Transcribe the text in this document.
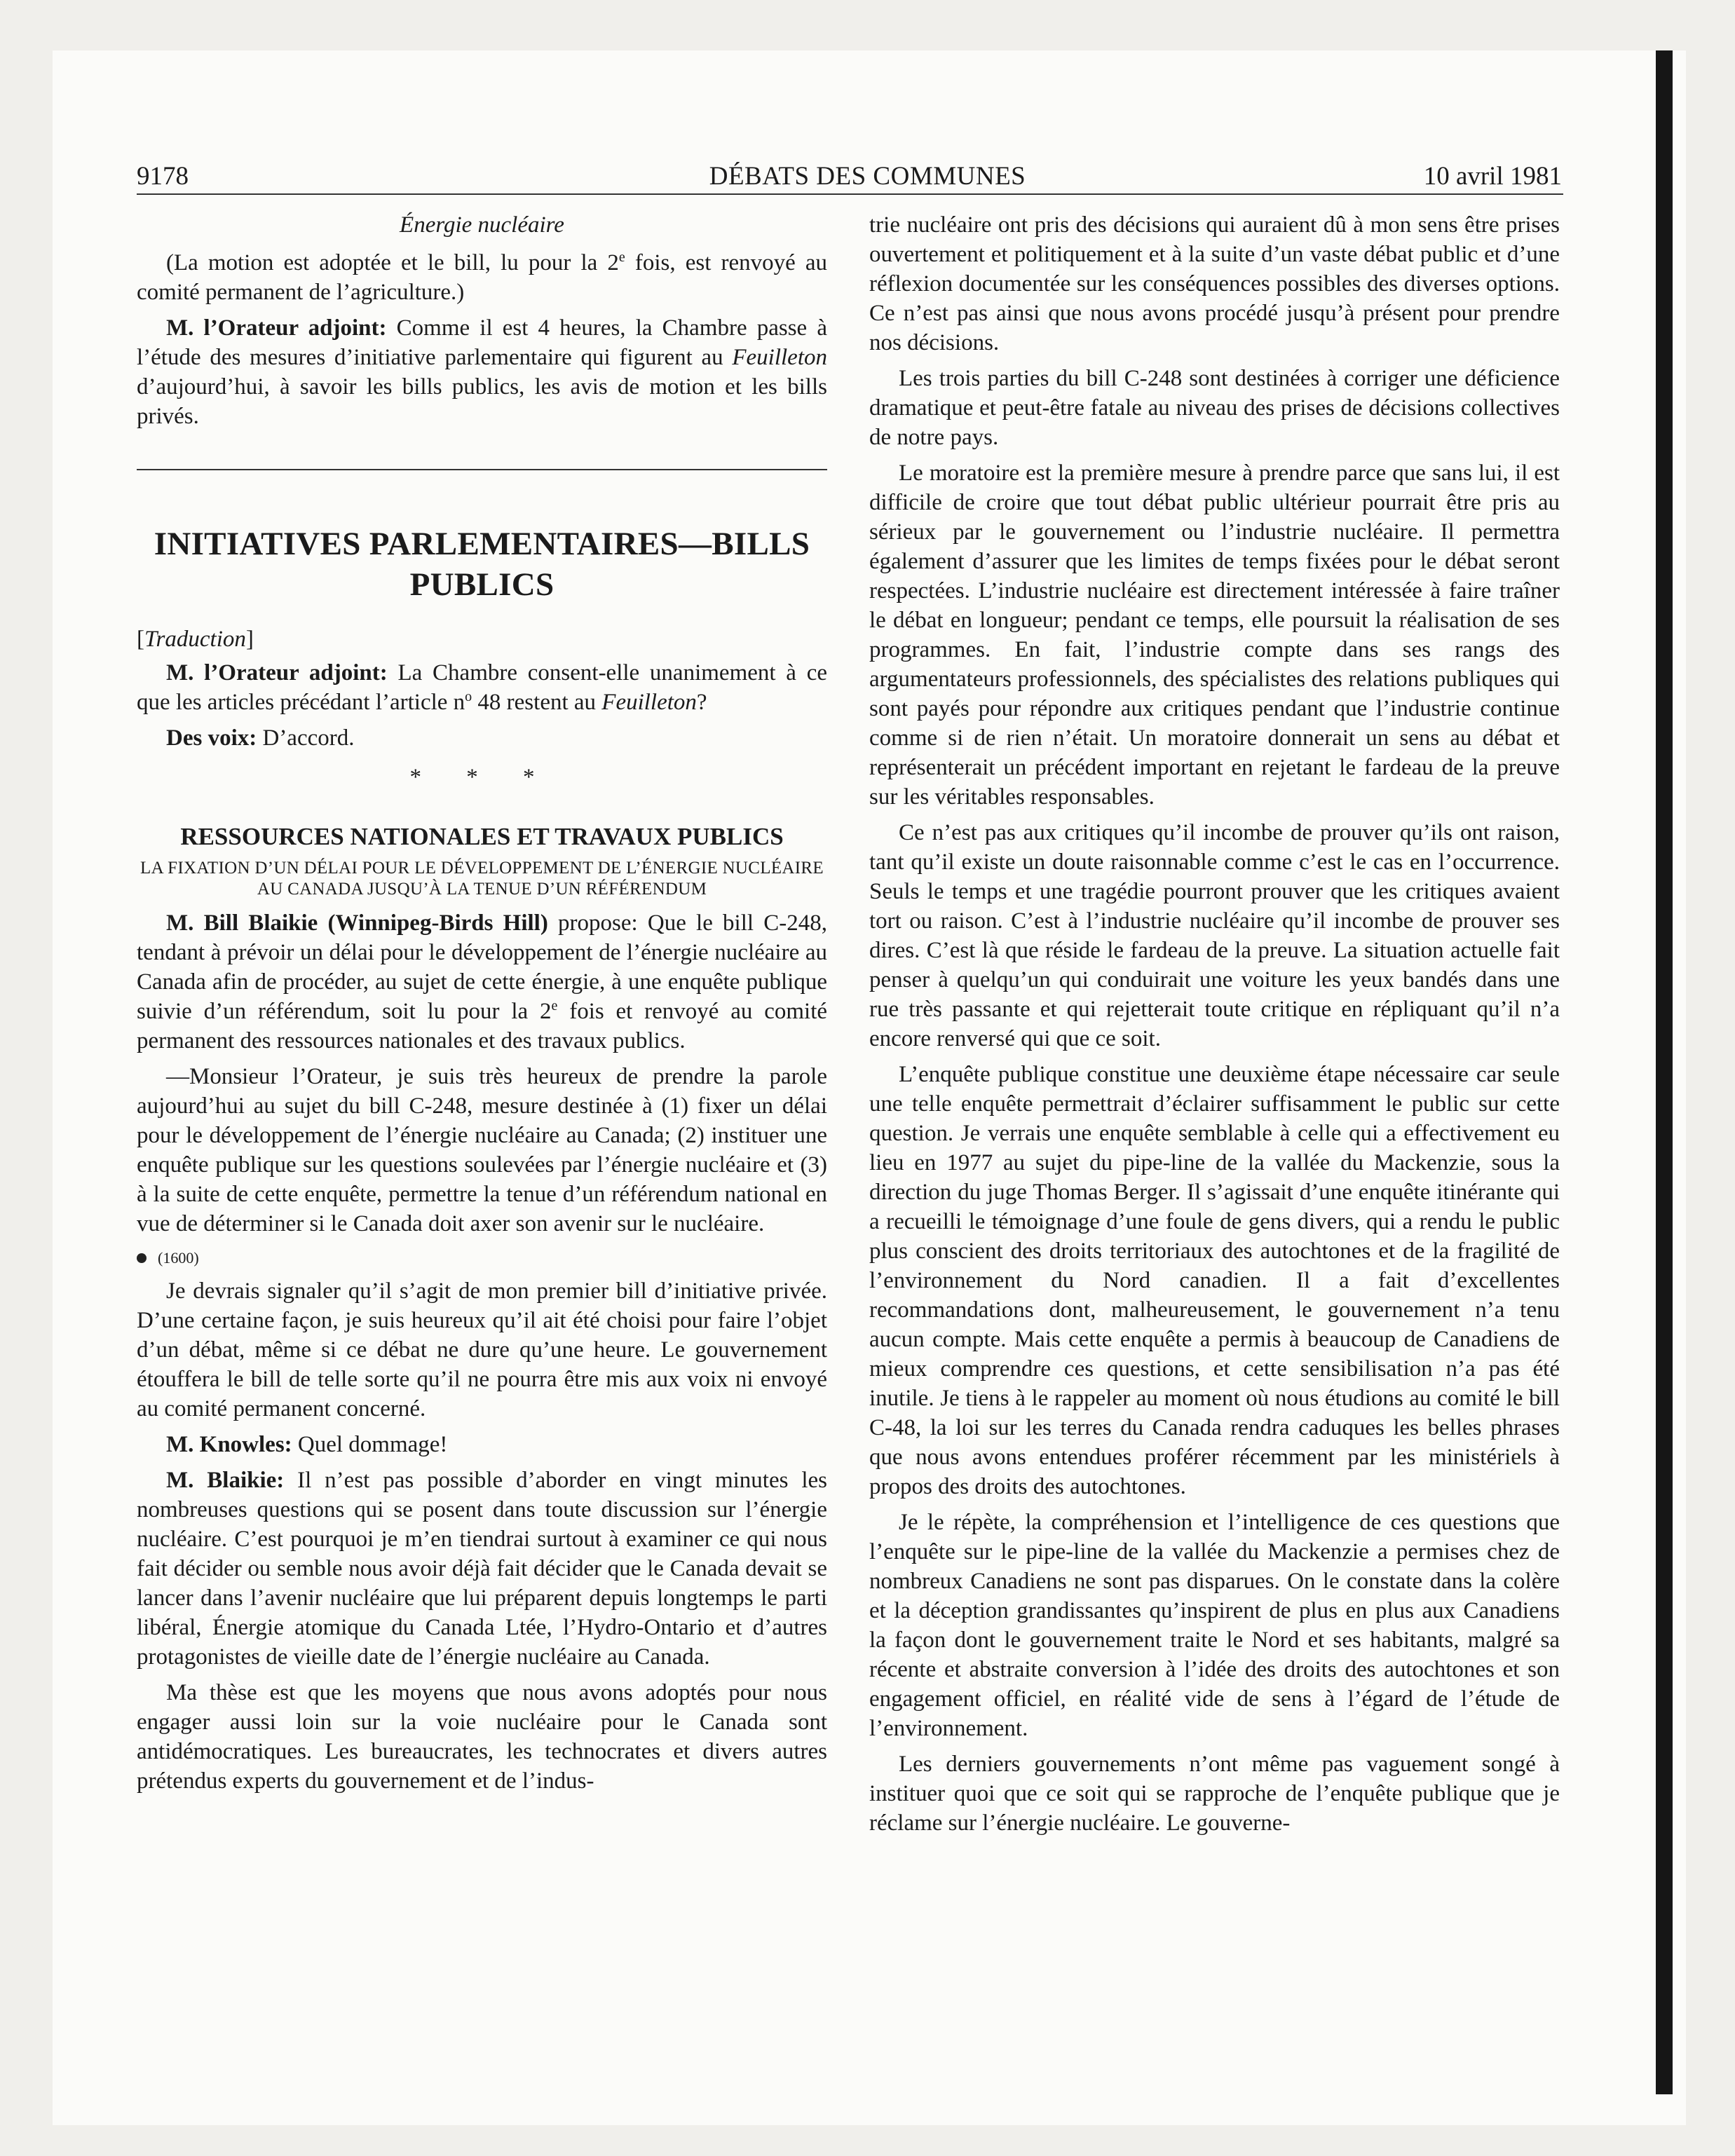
9178	DÉBATS DES COMMUNES	10 avril 1981
Énergie nucléaire

(La motion est adoptée et le bill, lu pour la 2e fois, est renvoyé au comité permanent de l’agriculture.)

M. l’Orateur adjoint: Comme il est 4 heures, la Chambre passe à l’étude des mesures d’initiative parlementaire qui figurent au Feuilleton d’aujourd’hui, à savoir les bills publics, les avis de motion et les bills privés.

INITIATIVES PARLEMENTAIRES—BILLS PUBLICS
[Traduction]

M. l’Orateur adjoint: La Chambre consent-elle unanimement à ce que les articles précédant l’article $n^o$ 48 restent au Feuilleton?

Des voix: D’accord.

* * *
RESSOURCES NATIONALES ET TRAVAUX PUBLICS
LA FIXATION D’UN DÉLAI POUR LE DÉVELOPPEMENT DE L’ÉNERGIE NUCLÉAIRE AU CANADA JUSQU’À LA TENUE D’UN RÉFÉRENDUM

M. Bill Blaikie (Winnipeg-Birds Hill) propose: Que le bill C-248, tendant à prévoir un délai pour le développement de l’énergie nucléaire au Canada afin de procéder, au sujet de cette énergie, à une enquête publique suivie d’un référendum, soit lu pour la 2e fois et renvoyé au comité permanent des ressources nationales et des travaux publics.

—Monsieur l’Orateur, je suis très heureux de prendre la parole aujourd’hui au sujet du bill C-248, mesure destinée à (1) fixer un délai pour le développement de l’énergie nucléaire au Canada; (2) instituer une enquête publique sur les questions soulevées par l’énergie nucléaire et (3) à la suite de cette enquête, permettre la tenue d’un référendum national en vue de déterminer si le Canada doit axer son avenir sur le nucléaire.

(1600)

Je devrais signaler qu’il s’agit de mon premier bill d’initiative privée. D’une certaine façon, je suis heureux qu’il ait été choisi pour faire l’objet d’un débat, même si ce débat ne dure qu’une heure. Le gouvernement étouffera le bill de telle sorte qu’il ne pourra être mis aux voix ni envoyé au comité permanent concerné.

M. Knowles: Quel dommage!

M. Blaikie: Il n’est pas possible d’aborder en vingt minutes les nombreuses questions qui se posent dans toute discussion sur l’énergie nucléaire. C’est pourquoi je m’en tiendrai surtout à examiner ce qui nous fait décider ou semble nous avoir déjà fait décider que le Canada devait se lancer dans l’avenir nucléaire que lui préparent depuis longtemps le parti libéral, Énergie atomique du Canada Ltée, l’Hydro-Ontario et d’autres protagonistes de vieille date de l’énergie nucléaire au Canada.

Ma thèse est que les moyens que nous avons adoptés pour nous engager aussi loin sur la voie nucléaire pour le Canada sont antidémocratiques. Les bureaucrates, les technocrates et divers autres prétendus experts du gouvernement et de l’indus-

trie nucléaire ont pris des décisions qui auraient dû à mon sens être prises ouvertement et politiquement et à la suite d’un vaste débat public et d’une réflexion documentée sur les conséquences possibles des diverses options. Ce n’est pas ainsi que nous avons procédé jusqu’à présent pour prendre nos décisions.

Les trois parties du bill C-248 sont destinées à corriger une déficience dramatique et peut-être fatale au niveau des prises de décisions collectives de notre pays.

Le moratoire est la première mesure à prendre parce que sans lui, il est difficile de croire que tout débat public ultérieur pourrait être pris au sérieux par le gouvernement ou l’industrie nucléaire. Il permettra également d’assurer que les limites de temps fixées pour le débat seront respectées. L’industrie nucléaire est directement intéressée à faire traîner le débat en longueur; pendant ce temps, elle poursuit la réalisation de ses programmes. En fait, l’industrie compte dans ses rangs des argumentateurs professionnels, des spécialistes des relations publiques qui sont payés pour répondre aux critiques pendant que l’industrie continue comme si de rien n’était. Un moratoire donnerait un sens au débat et représenterait un précédent important en rejetant le fardeau de la preuve sur les véritables responsables.

Ce n’est pas aux critiques qu’il incombe de prouver qu’ils ont raison, tant qu’il existe un doute raisonnable comme c’est le cas en l’occurrence. Seuls le temps et une tragédie pourront prouver que les critiques avaient tort ou raison. C’est à l’industrie nucléaire qu’il incombe de prouver ses dires. C’est là que réside le fardeau de la preuve. La situation actuelle fait penser à quelqu’un qui conduirait une voiture les yeux bandés dans une rue très passante et qui rejetterait toute critique en répliquant qu’il n’a encore renversé qui que ce soit.

L’enquête publique constitue une deuxième étape nécessaire car seule une telle enquête permettrait d’éclairer suffisamment le public sur cette question. Je verrais une enquête semblable à celle qui a effectivement eu lieu en 1977 au sujet du pipe-line de la vallée du Mackenzie, sous la direction du juge Thomas Berger. Il s’agissait d’une enquête itinérante qui a recueilli le témoignage d’une foule de gens divers, qui a rendu le public plus conscient des droits territoriaux des autochtones et de la fragilité de l’environnement du Nord canadien. Il a fait d’excellentes recommandations dont, malheureusement, le gouvernement n’a tenu aucun compte. Mais cette enquête a permis à beaucoup de Canadiens de mieux comprendre ces questions, et cette sensibilisation n’a pas été inutile. Je tiens à le rappeler au moment où nous étudions au comité le bill C-48, la loi sur les terres du Canada rendra caduques les belles phrases que nous avons entendues proférer récemment par les ministériels à propos des droits des autochtones.

Je le répète, la compréhension et l’intelligence de ces questions que l’enquête sur le pipe-line de la vallée du Mackenzie a permises chez de nombreux Canadiens ne sont pas disparues. On le constate dans la colère et la déception grandissantes qu’inspirent de plus en plus aux Canadiens la façon dont le gouvernement traite le Nord et ses habitants, malgré sa récente et abstraite conversion à l’idée des droits des autochtones et son engagement officiel, en réalité vide de sens à l’égard de l’étude de l’environnement.

Les derniers gouvernements n’ont même pas vaguement songé à instituer quoi que ce soit qui se rapproche de l’enquête publique que je réclame sur l’énergie nucléaire. Le gouverne-
